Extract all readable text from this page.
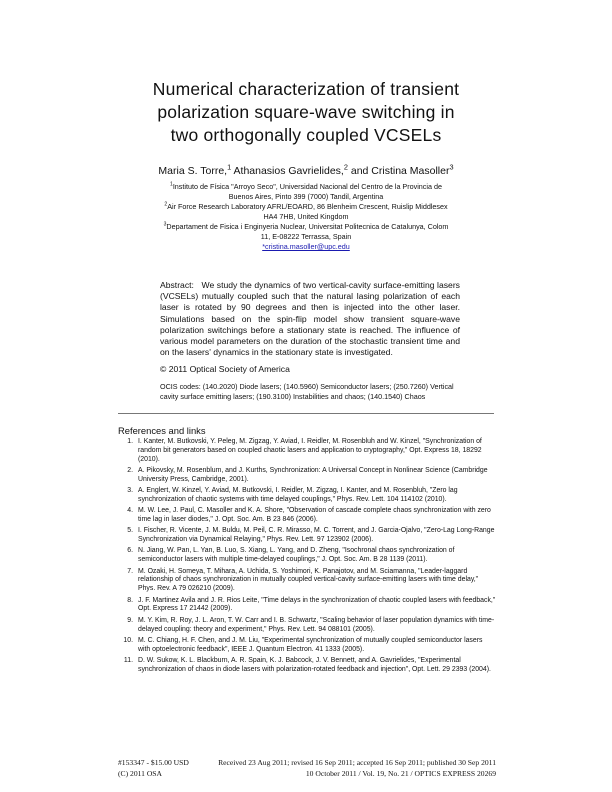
Numerical characterization of transient
polarization square-wave switching in
two orthogonally coupled VCSELs
Maria S. Torre,$^1$ Athanasios Gavrielides,$^2$ and Cristina Masoller$^3$
$^1$Instituto de Física "Arroyo Seco", Universidad Nacional del Centro de la Provincia de
Buenos Aires, Pinto 399 (7000) Tandil, Argentina
$^2$Air Force Research Laboratory AFRL/EOARD, 86 Blenheim Crescent, Ruislip Middlesex
HA4 7HB, United Kingdom
$^3$Departament de Fisica i Enginyeria Nuclear, Universitat Politecnica de Catalunya, Colom
11, E-08222 Terrassa, Spain
*cristina.masoller@upc.edu
Abstract: We study the dynamics of two vertical-cavity surface-emitting lasers (VCSELs) mutually coupled such that the natural lasing polarization of each laser is rotated by 90 degrees and then is injected into the other laser. Simulations based on the spin-flip model show transient square-wave polarization switchings before a stationary state is reached. The influence of various model parameters on the duration of the stochastic transient time and on the lasers' dynamics in the stationary state is investigated.
© 2011 Optical Society of America
OCIS codes: (140.2020) Diode lasers; (140.5960) Semiconductor lasers; (250.7260) Vertical cavity surface emitting lasers; (190.3100) Instabilities and chaos; (140.1540) Chaos
References and links
1. I. Kanter, M. Butkovski, Y. Peleg, M. Zigzag, Y. Aviad, I. Reidler, M. Rosenbluh and W. Kinzel, "Synchronization of random bit generators based on coupled chaotic lasers and application to cryptography," Opt. Express 18, 18292 (2010).
2. A. Pikovsky, M. Rosenblum, and J. Kurths, Synchronization: A Universal Concept in Nonlinear Science (Cambridge University Press, Cambridge, 2001).
3. A. Englert, W. Kinzel, Y. Aviad, M. Butkovski, I. Reidler, M. Zigzag, I. Kanter, and M. Rosenbluh, "Zero lag synchronization of chaotic systems with time delayed couplings," Phys. Rev. Lett. 104 114102 (2010).
4. M. W. Lee, J. Paul, C. Masoller and K. A. Shore, "Observation of cascade complete chaos synchronization with zero time lag in laser diodes," J. Opt. Soc. Am. B 23 846 (2006).
5. I. Fischer, R. Vicente, J. M. Buldu, M. Peil, C. R. Mirasso, M. C. Torrent, and J. Garcia-Ojalvo, "Zero-Lag Long-Range Synchronization via Dynamical Relaying," Phys. Rev. Lett. 97 123902 (2006).
6. N. Jiang, W. Pan, L. Yan, B. Luo, S. Xiang, L. Yang, and D. Zheng, "Isochronal chaos synchronization of semiconductor lasers with multiple time-delayed couplings," J. Opt. Soc. Am. B 28 1139 (2011).
7. M. Ozaki, H. Someya, T. Mihara, A. Uchida, S. Yoshimori, K. Panajotov, and M. Sciamanna, "Leader-laggard relationship of chaos synchronization in mutually coupled vertical-cavity surface-emitting lasers with time delay," Phys. Rev. A 79 026210 (2009).
8. J. F. Martinez Avila and J. R. Rios Leite, "Time delays in the synchronization of chaotic coupled lasers with feedback," Opt. Express 17 21442 (2009).
9. M. Y. Kim, R. Roy, J. L. Aron, T. W. Carr and I. B. Schwartz, "Scaling behavior of laser population dynamics with time-delayed coupling: theory and experiment," Phys. Rev. Lett. 94 088101 (2005).
10. M. C. Chiang, H. F. Chen, and J. M. Liu, "Experimental synchronization of mutually coupled semiconductor lasers with optoelectronic feedback", IEEE J. Quantum Electron. 41 1333 (2005).
11. D. W. Sukow, K. L. Blackburn, A. R. Spain, K. J. Babcock, J. V. Bennett, and A. Gavrielides, "Experimental synchronization of chaos in diode lasers with polarization-rotated feedback and injection", Opt. Lett. 29 2393 (2004).
#153347 - $15.00 USD	Received 23 Aug 2011; revised 16 Sep 2011; accepted 16 Sep 2011; published 30 Sep 2011
(C) 2011 OSA	10 October 2011 / Vol. 19, No. 21 / OPTICS EXPRESS 20269
